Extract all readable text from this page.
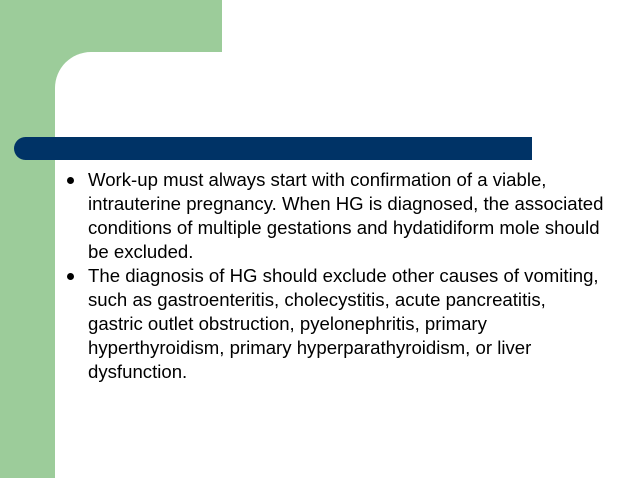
Work-up must always start with confirmation of a viable, intrauterine pregnancy. When HG is diagnosed, the associated conditions of multiple gestations and hydatidiform mole should be excluded.
The diagnosis of HG should exclude other causes of vomiting, such as gastroenteritis, cholecystitis, acute pancreatitis, gastric outlet obstruction, pyelonephritis, primary hyperthyroidism, primary hyperparathyroidism, or liver dysfunction.
